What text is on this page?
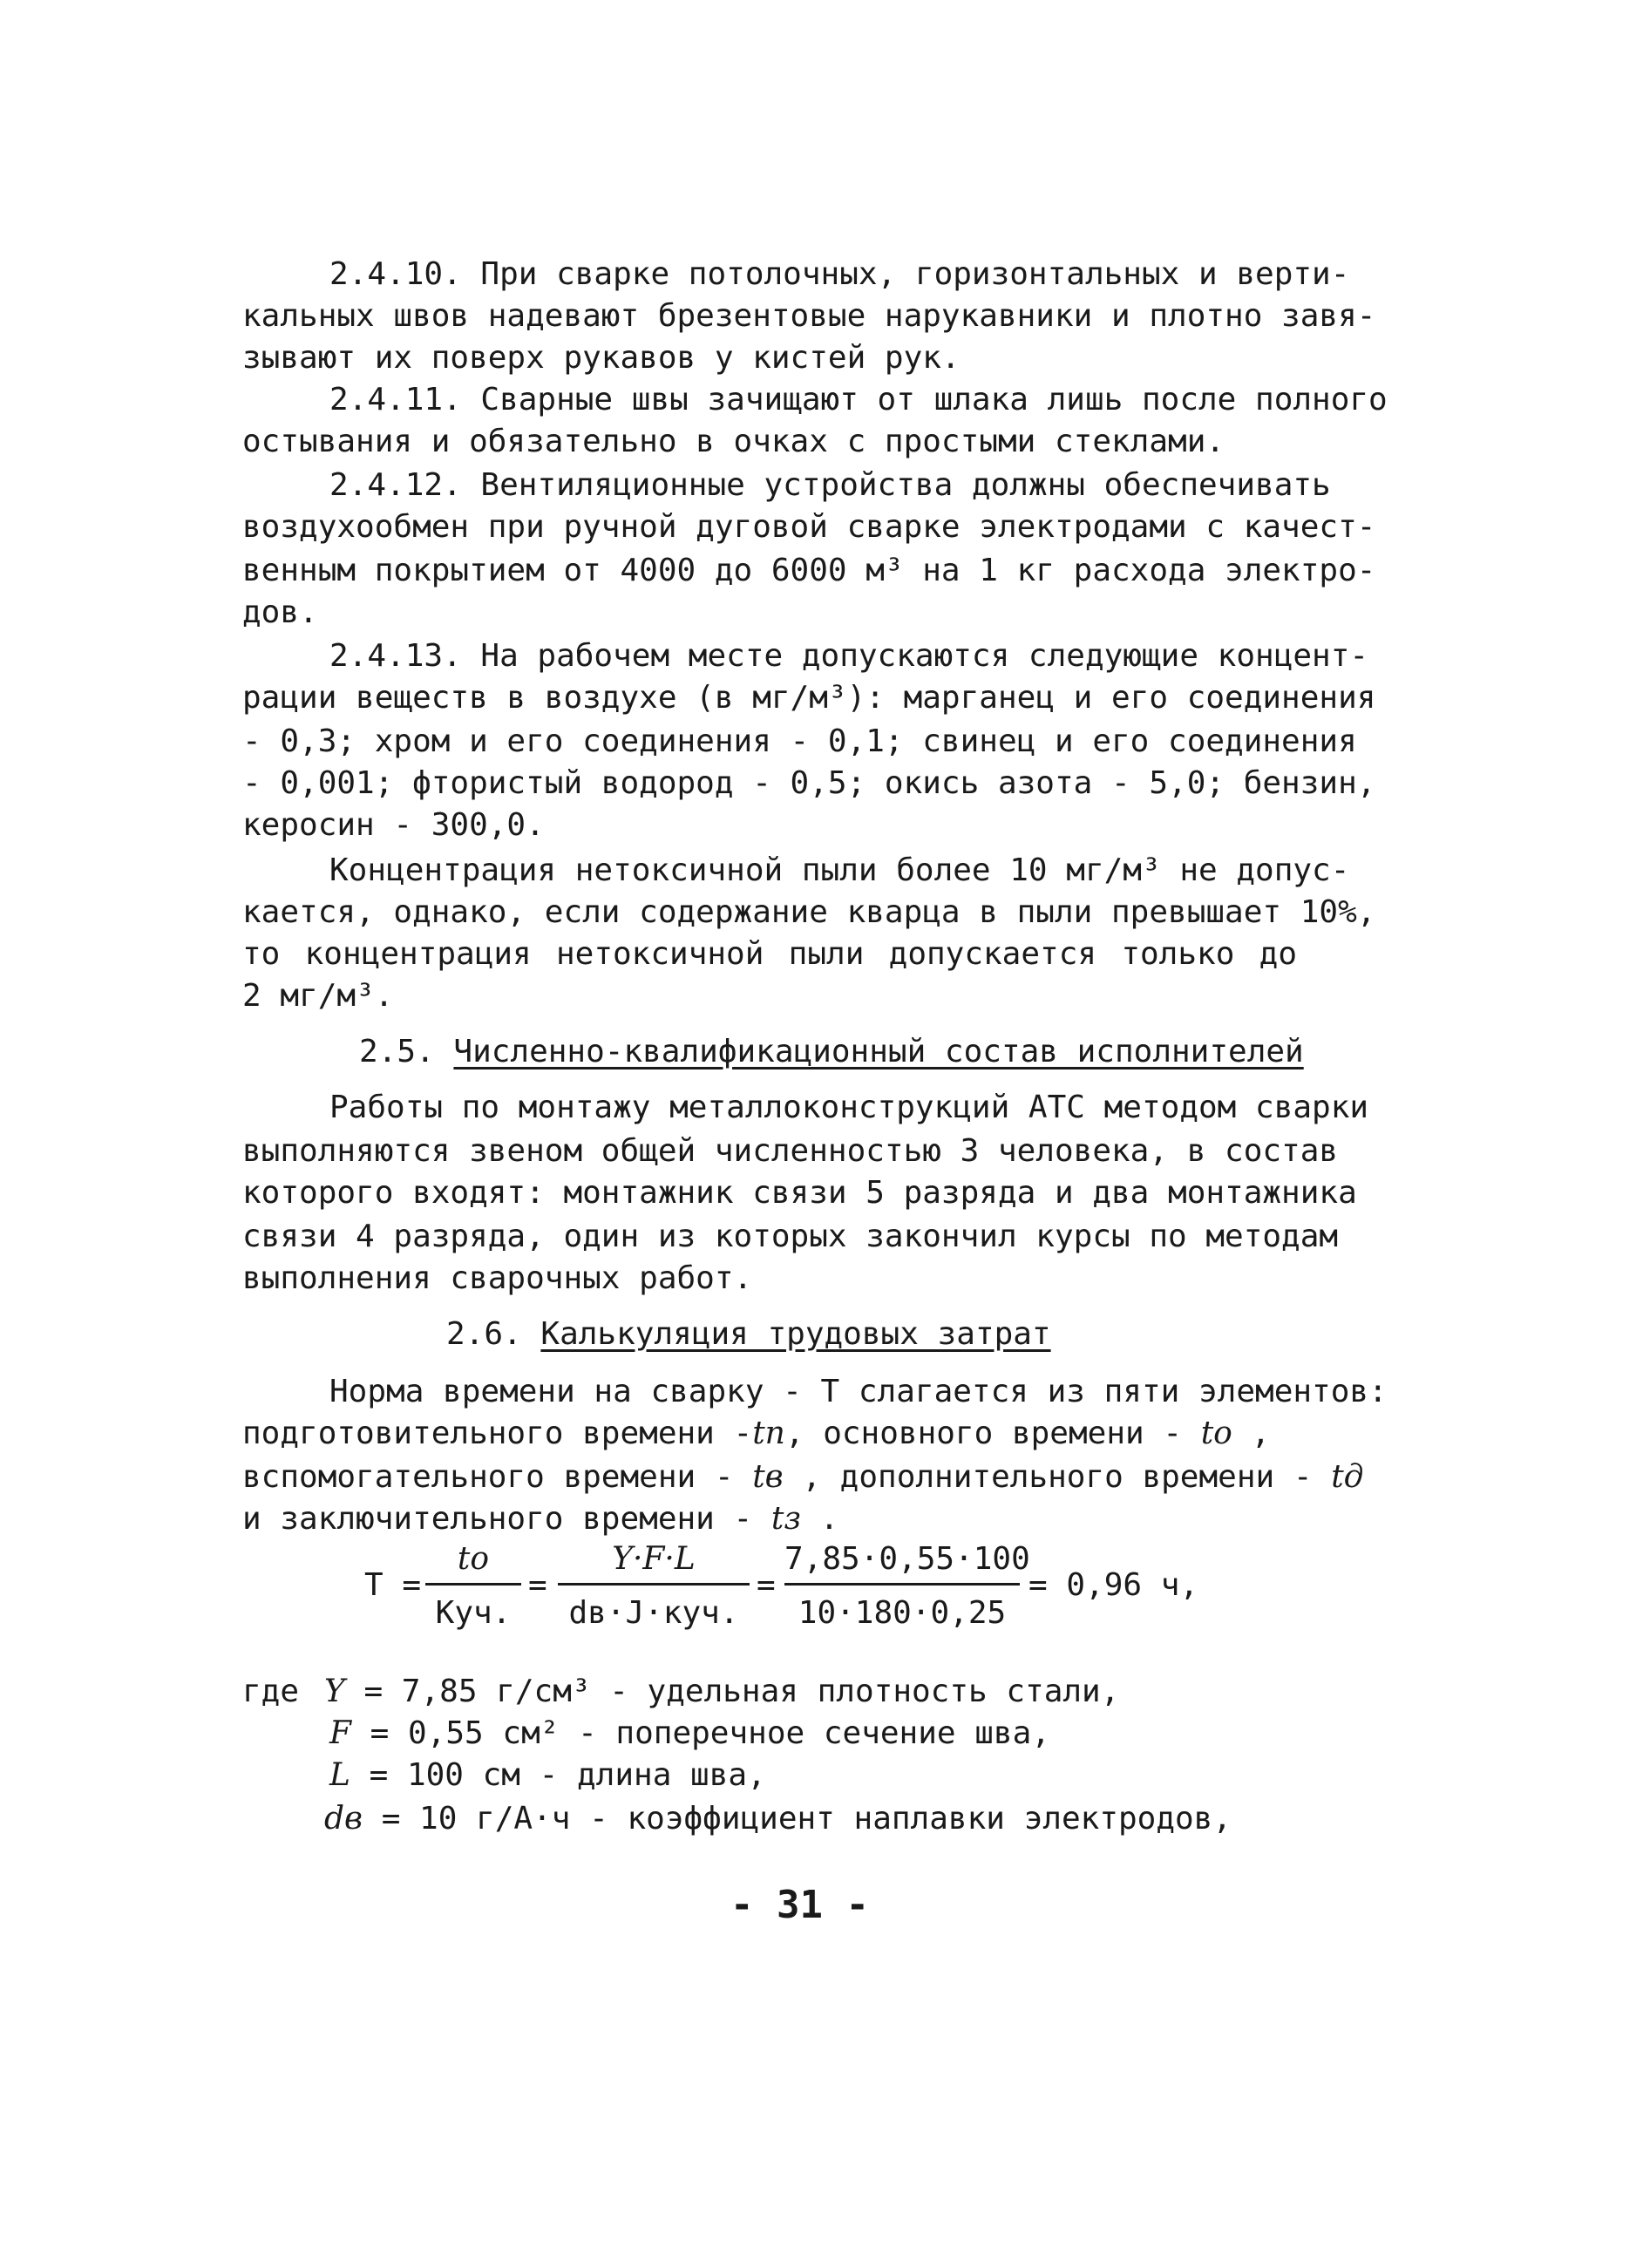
2.4.10. При сварке потолочных, горизонтальных и верти-
кальных швов надевают брезентовые нарукавники и плотно завя-
зывают их поверх рукавов у кистей рук.
2.4.11. Сварные швы зачищают от шлака лишь после полного
остывания и обязательно в очках с простыми стеклами.
2.4.12. Вентиляционные устройства должны обеспечивать
воздухообмен при ручной дуговой сварке электродами с качест-
венным покрытием от 4000 до 6000 м³ на 1 кг расхода электро-
дов.
2.4.13. На рабочем месте допускаются следующие концент-
рации веществ в воздухе (в мг/м³): марганец и его соединения
- 0,3; хром и его соединения - 0,1; свинец и его соединения
- 0,001; фтористый водород - 0,5; окись азота - 5,0; бензин,
керосин - 300,0.
Концентрация нетоксичной пыли более 10 мг/м³ не допус-
кается, однако, если содержание кварца в пыли превышает 10%,
то концентрация нетоксичной пыли допускается только до
2 мг/м³.
2.5. Численно-квалификационный состав исполнителей
Работы по монтажу металлоконструкций АТС методом сварки
выполняются звеном общей численностью 3 человека, в состав
которого входят: монтажник связи 5 разряда и два монтажника
связи 4 разряда, один из которых закончил курсы по методам
выполнения сварочных работ.
2.6. Калькуляция трудовых затрат
Норма времени на сварку - Т слагается из пяти элементов:
подготовительного времени -tп, основного времени - tо ,
вспомогательного времени - tв , дополнительного времени - tд
и заключительного времени - tз .
Т =
tо
Куч.
=
Y·F·L
dв·J·куч.
=
7,85·0,55·100
10·180·0,25
= 0,96 ч,
где Y = 7,85 г/см³ - удельная плотность стали,
F = 0,55 см² - поперечное сечение шва,
L = 100 см - длина шва,
dв = 10 г/А·ч - коэффициент наплавки электродов,
- 31 -
